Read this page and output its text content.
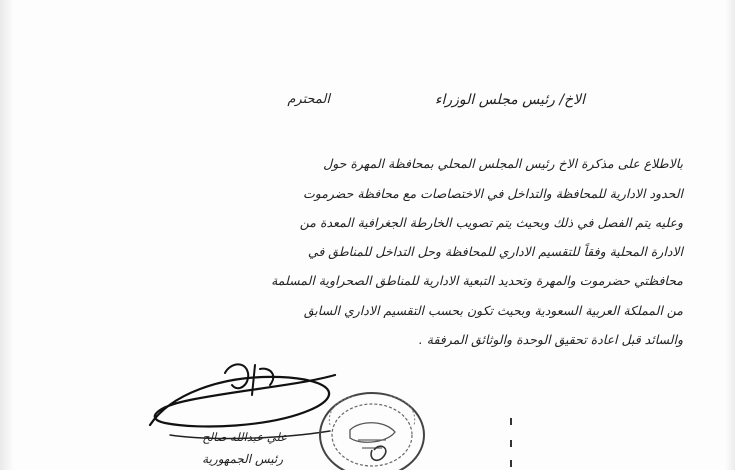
الاخ/ رئيس مجلس الوزراء
المحترم
بالاطلاع على مذكرة الاخ رئيس المجلس المحلي بمحافظة المهرة حول
الحدود الادارية للمحافظة والتداخل في الاختصاصات مع محافظة حضرموت
وعليه يتم الفصل في ذلك وبحيث يتم تصويب الخارطة الجغرافية المعدة من
الادارة المحلية وفقاً للتقسيم الاداري للمحافظة وحل التداخل للمناطق في
محافظتي حضرموت والمهرة وتحديد التبعية الادارية للمناطق الصحراوية المسلمة
من المملكة العربية السعودية وبحيث تكون بحسب التقسيم الاداري السابق
والسائد قبل اعادة تحقيق الوحدة والوثائق المرفقة .
علي عبدالله صالح
رئيس الجمهورية
